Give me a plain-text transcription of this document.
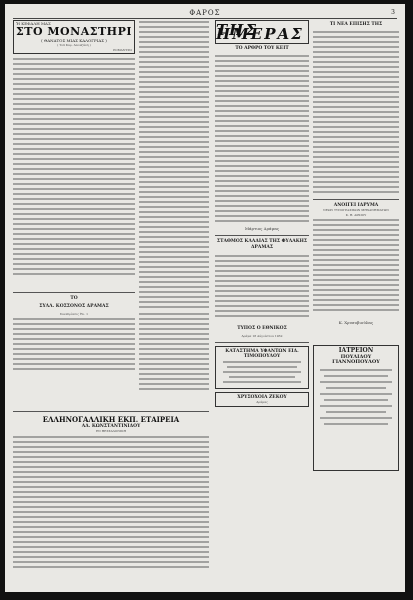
ΦΑΡΟΣ	3
Ἡ ΚΕΦΑΛΗ ΜΑΣ
ΣΤΟ ΜΟΝΑΣΤΗΡΙ
( ΘΑΝΑΤΟΣ ΜΙΑΣ ΚΑΛΟΓΡΙΑΣ )
( Τοῦ Κυρ. Δαουζάνη )
ΡΟΜΑΝΤΖΟ
ΤΟ
ΣΥΛΛ. ΚΟΣΣΟΝΟΣ ΔΡΑΜΑΣ
Συνεδρίασις Ἐν. 1

ΤΗΣ ΗΜΕΡΑΣ
ΤΟ ΑΡΘΡΟ ΤΟΥ ΚΕΙΤ
Μάρτιος Δράμας
ΣΤΑΘΜΟΣ ΚΛΑΔΙΑΣ ΤΗΣ ΦΥΛΑΚΗΣ ΔΡΑΜΑΣ
ΤΥΠΟΣ Ο ΕΘΝΙΚΟΣ
Δράμα 18 Αὐγούστου 1932
ΚΑΤΑΣΤΗΜΑ ΥΦΑΝΤΩΝ ΕΙΔ. ΤΙΜΟΠΟΥΛΟΥ
ΧΡΥΣΟΧΟΙΑ ΖΕΚΟΥ
Δράμας
ΤΙ ΝΕΑ ΕΠΙΣΗΣ ΤΗΣ
ΑΝΟΙΓΕΙ ΙΔΡΥΜΑ
ΝΕΩΝ ΤΥΠΟΓΡΑΦΙΚΩΝ ΜΗΧΑΝΗΜΑΤΩΝ
Κ. Θ. ΑΡΚΙΟΥ
Κ. Χρυσοβιούλας
ΙΑΤΡΕΙΟΝ
ΠΟΥΛΙΔΟΥ
ΓΙΑΝΝΟΠΟΥΛΟΥ
ΕΛΛΗΝΟΓΑΛΛΙΚΗ ΕΚΠ. ΕΤΑΙΡΕΙΑ
ΑΔ. ΚΩΝΣΤΑΝΤΙΝΙΔΟΥ
ΕΝ ΘΕΣΣΑΛΟΝΙΚΗ
